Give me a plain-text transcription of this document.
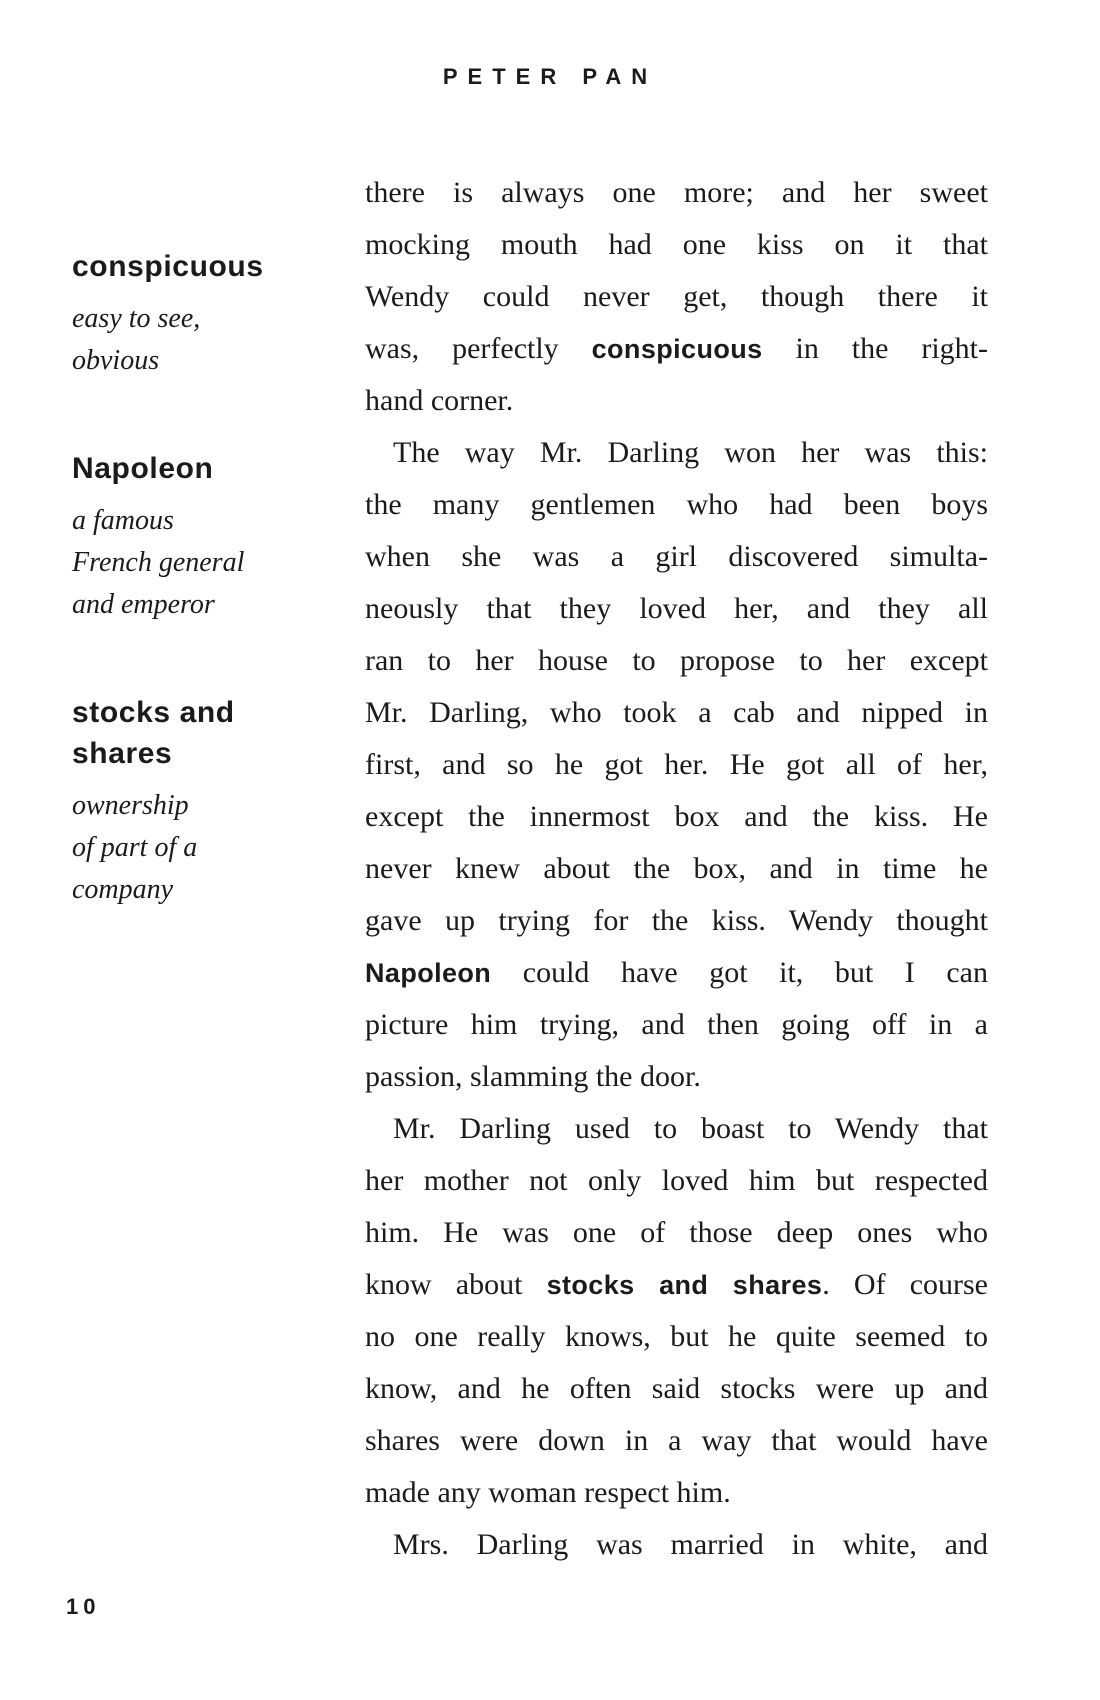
PETER PAN
conspicuous
easy to see,
obvious
Napoleon
a famous
French general
and emperor
stocks and
shares
ownership
of part of a
company
there is always one more; and her sweet
mocking mouth had one kiss on it that
Wendy could never get, though there it
was, perfectly conspicuous in the right-
hand corner.
The way Mr. Darling won her was this:
the many gentlemen who had been boys
when she was a girl discovered simulta-
neously that they loved her, and they all
ran to her house to propose to her except
Mr. Darling, who took a cab and nipped in
first, and so he got her. He got all of her,
except the innermost box and the kiss. He
never knew about the box, and in time he
gave up trying for the kiss. Wendy thought
Napoleon could have got it, but I can
picture him trying, and then going off in a
passion, slamming the door.
Mr. Darling used to boast to Wendy that
her mother not only loved him but respected
him. He was one of those deep ones who
know about stocks and shares. Of course
no one really knows, but he quite seemed to
know, and he often said stocks were up and
shares were down in a way that would have
made any woman respect him.
Mrs. Darling was married in white, and
10
